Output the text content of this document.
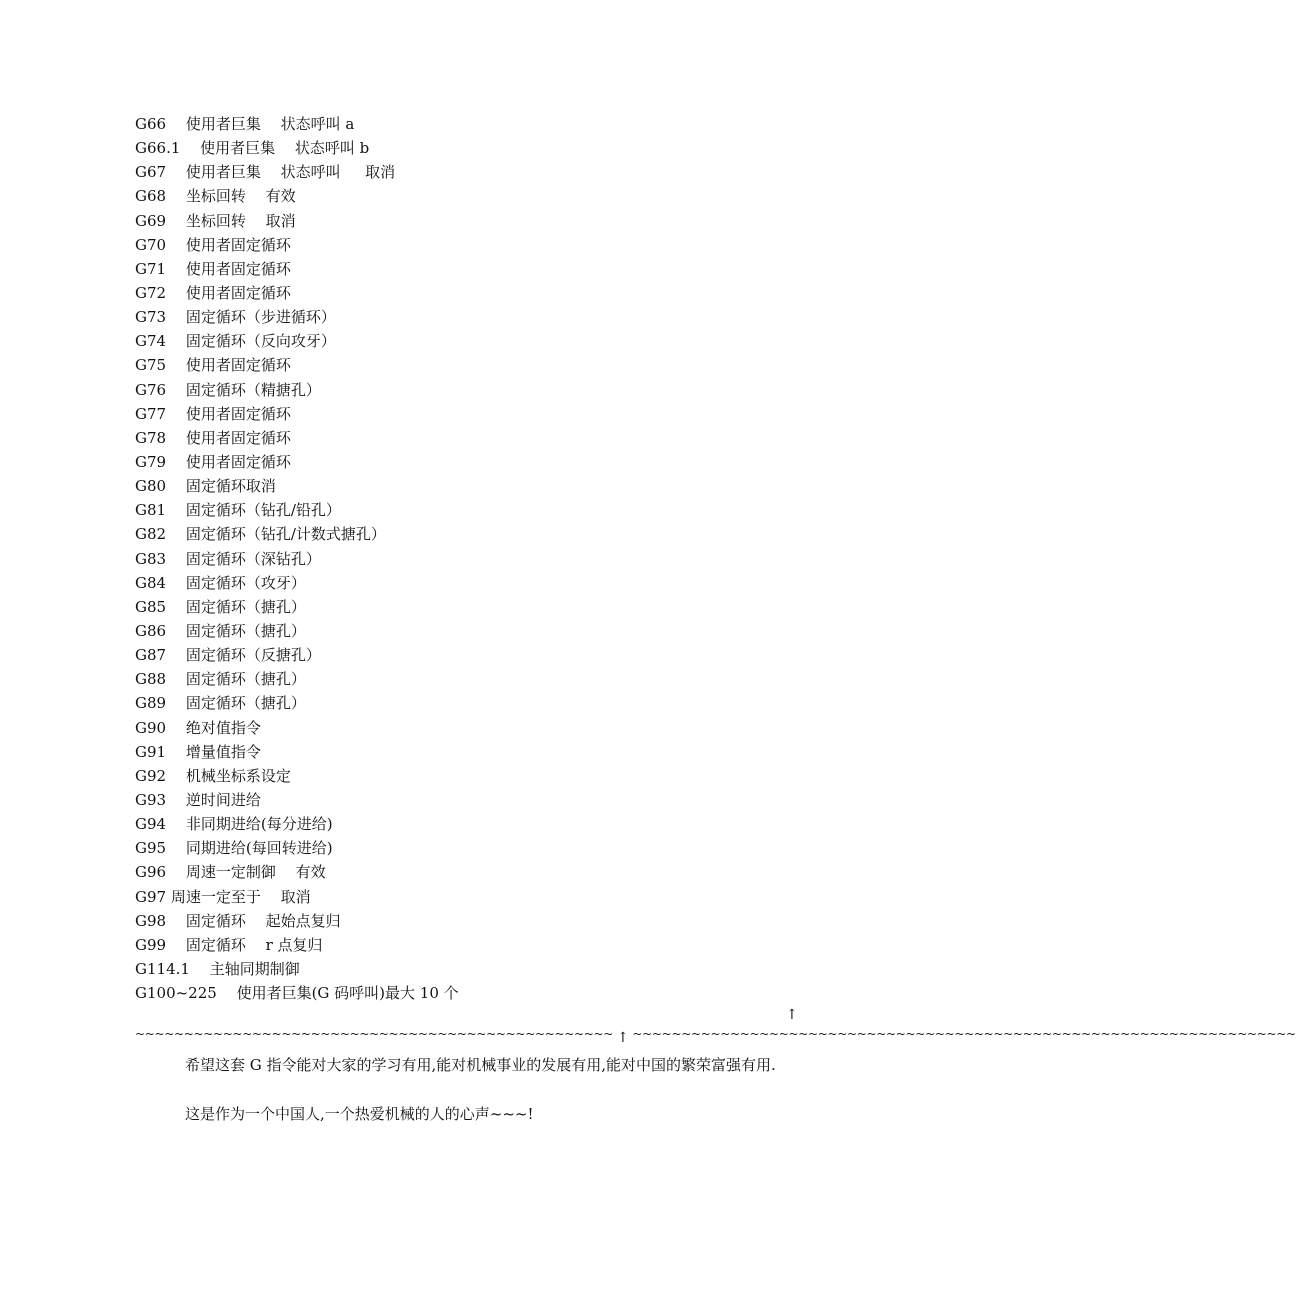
G66　 使用者巨集　 状态呼叫 a
G66.1　 使用者巨集　 状态呼叫 b
G67　 使用者巨集　 状态呼叫　  取消
G68　 坐标回转　 有效
G69　 坐标回转　 取消
G70　 使用者固定循环
G71　 使用者固定循环
G72　 使用者固定循环
G73　 固定循环（步进循环）
G74　 固定循环（反向攻牙）
G75　 使用者固定循环
G76　 固定循环（精搪孔）
G77　 使用者固定循环
G78　 使用者固定循环
G79　 使用者固定循环
G80　 固定循环取消
G81　 固定循环（钻孔/铅孔）
G82　 固定循环（钻孔/计数式搪孔）
G83　 固定循环（深钻孔）
G84　 固定循环（攻牙）
G85　 固定循环（搪孔）
G86　 固定循环（搪孔）
G87　 固定循环（反搪孔）
G88　 固定循环（搪孔）
G89　 固定循环（搪孔）
G90　 绝对值指令
G91　 增量值指令
G92　 机械坐标系设定
G93　 逆时间进给
G94　 非同期进给(每分进给)
G95　 同期进给(每回转进给)
G96　 周速一定制御　 有效
G97 周速一定至于　 取消
G98　 固定循环　 起始点复归
G99　 固定循环　 r 点复归
G114.1　 主轴同期制御
G100~225　 使用者巨集(G 码呼叫)最大 10 个
↑
~~~~~~~~~~~~~~~~~~~~~~~~~~~~~~~~~~~~~~~~~~~~~~~~~ ↑ ~~~~~~~~~~~~~~~~~~~~~~~~~~~~~~~~~~~~~~~~~~~~~~~~~~~~~~~~~~~~~~~~~~~~

希望这套 G 指令能对大家的学习有用,能对机械事业的发展有用,能对中国的繁荣富强有用.

这是作为一个中国人,一个热爱机械的人的心声~~~!
